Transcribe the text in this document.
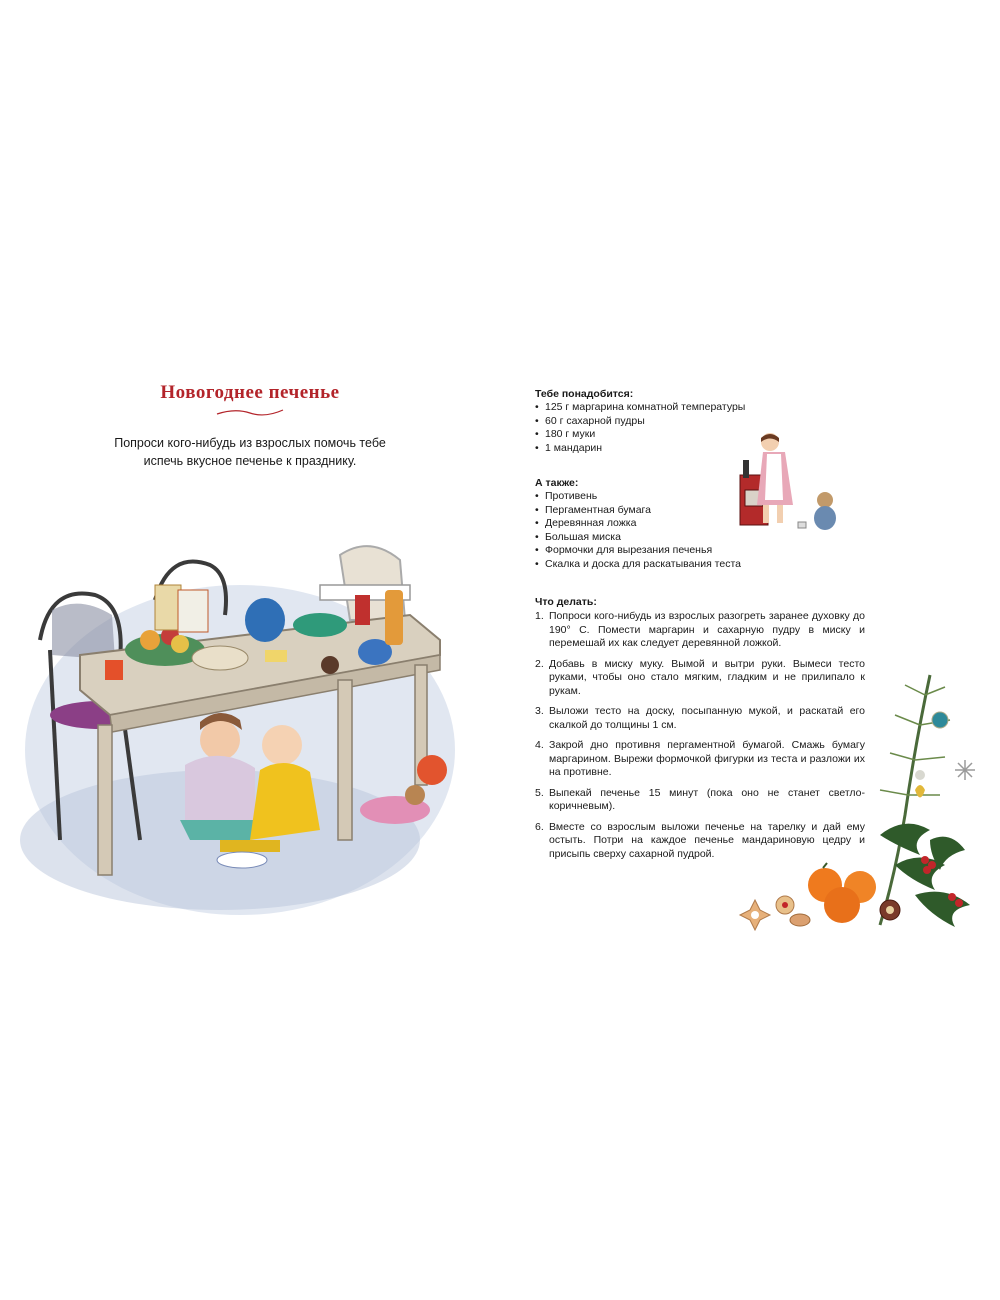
Новогоднее печенье
Попроси кого-нибудь из взрослых помочь тебе
испечь вкусное печенье к празднику.
Тебе понадобится:
• 125 г маргарина комнатной температуры
• 60 г сахарной пудры
• 180 г муки
• 1 мандарин
А также:
• Противень
• Пергаментная бумага
• Деревянная ложка
• Большая миска
• Формочки для вырезания печенья
• Скалка и доска для раскатывания теста
Что делать:
1. Попроси кого-нибудь из взрослых разогреть заранее духовку до 190° С. Помести маргарин и сахарную пудру в миску и перемешай их как следует деревянной ложкой.
2. Добавь в миску муку. Вымой и вытри руки. Вымеси тесто руками, чтобы оно стало мягким, гладким и не прилипало к рукам.
3. Выложи тесто на доску, посыпанную мукой, и раскатай его скалкой до толщины 1 см.
4. Закрой дно противня пергаментной бумагой. Смажь бумагу маргарином. Вырежи формочкой фигурки из теста и разложи их на противне.
5. Выпекай печенье 15 минут (пока оно не станет светло-коричневым).
6. Вместе со взрослым выложи печенье на тарелку и дай ему остыть. Потри на каждое печенье мандариновую цедру и присыпь сверху сахарной пудрой.
